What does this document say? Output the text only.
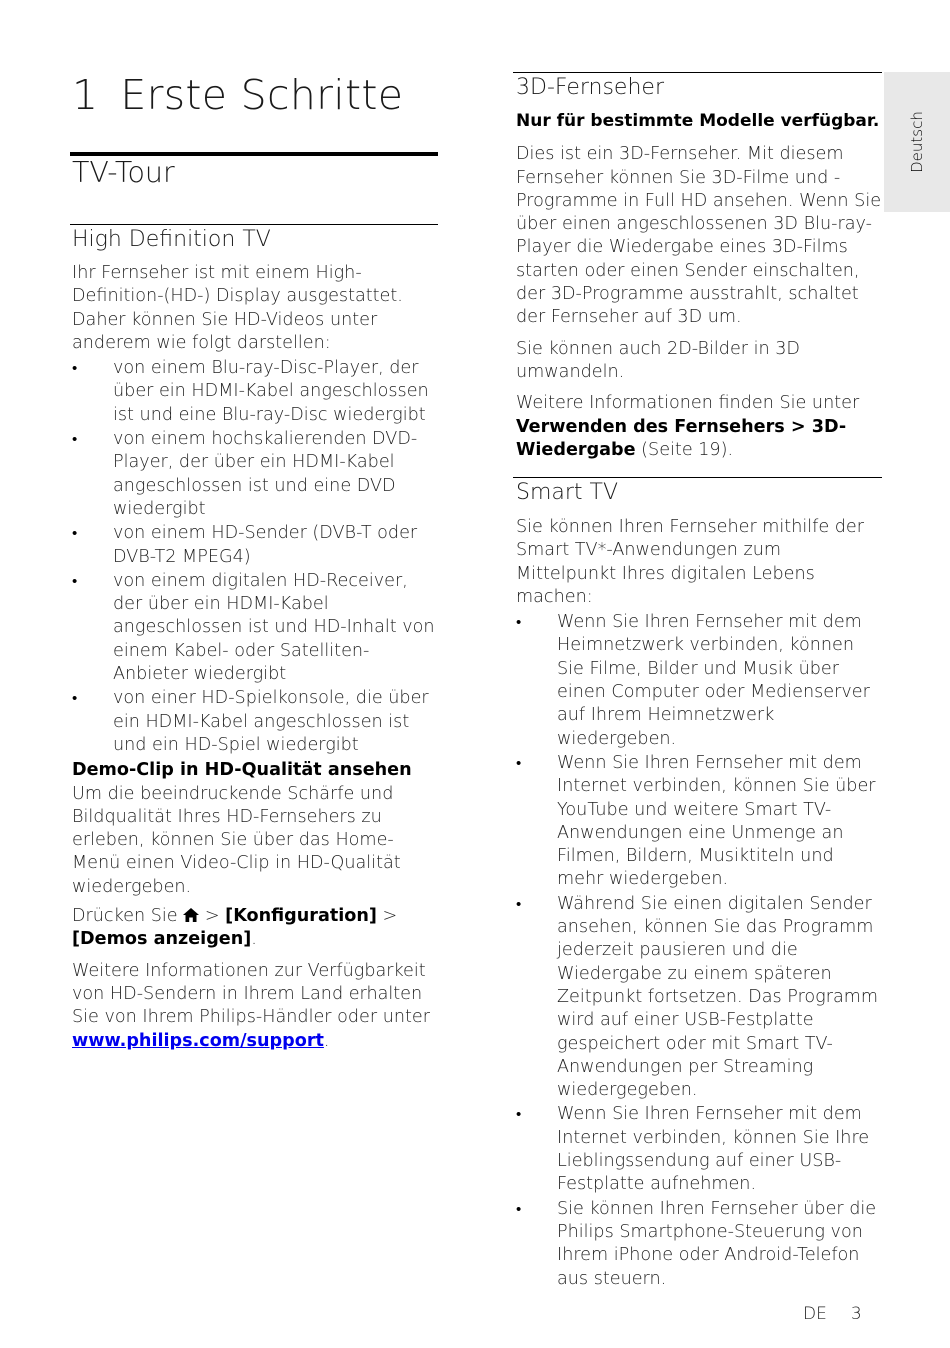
1 Erste Schritte
TV-Tour
High Definition TV

Ihr Fernseher ist mit einem High-Definition-(HD-) Display ausgestattet. Daher können Sie HD-Videos unter anderem wie folgt darstellen:

• von einem Blu-ray-Disc-Player, der über ein HDMI-Kabel angeschlossen ist und eine Blu-ray-Disc wiedergibt
• von einem hochskalierenden DVD-Player, der über ein HDMI-Kabel angeschlossen ist und eine DVD wiedergibt
• von einem HD-Sender (DVB-T oder DVB-T2 MPEG4)
• von einem digitalen HD-Receiver, der über ein HDMI-Kabel angeschlossen ist und HD-Inhalt von einem Kabel- oder Satelliten-Anbieter wiedergibt
• von einer HD-Spielkonsole, die über ein HDMI-Kabel angeschlossen ist und ein HD-Spiel wiedergibt

Demo-Clip in HD-Qualität ansehen

Um die beeindruckende Schärfe und Bildqualität Ihres HD-Fernsehers zu erleben, können Sie über das Home-Menü einen Video-Clip in HD-Qualität wiedergeben.

Drücken Sie > [Konfiguration] > [Demos anzeigen].

Weitere Informationen zur Verfügbarkeit von HD-Sendern in Ihrem Land erhalten Sie von Ihrem Philips-Händler oder unter www.philips.com/support.

3D-Fernseher

Nur für bestimmte Modelle verfügbar.

Dies ist ein 3D-Fernseher. Mit diesem Fernseher können Sie 3D-Filme und -Programme in Full HD ansehen. Wenn Sie über einen angeschlossenen 3D Blu-ray-Player die Wiedergabe eines 3D-Films starten oder einen Sender einschalten, der 3D-Programme ausstrahlt, schaltet der Fernseher auf 3D um.

Sie können auch 2D-Bilder in 3D umwandeln.

Weitere Informationen finden Sie unter Verwenden des Fernsehers > 3D-Wiedergabe (Seite 19).

Smart TV

Sie können Ihren Fernseher mithilfe der Smart TV*-Anwendungen zum Mittelpunkt Ihres digitalen Lebens machen:

• Wenn Sie Ihren Fernseher mit dem Heimnetzwerk verbinden, können Sie Filme, Bilder und Musik über einen Computer oder Medienserver auf Ihrem Heimnetzwerk wiedergeben.
• Wenn Sie Ihren Fernseher mit dem Internet verbinden, können Sie über YouTube und weitere Smart TV-Anwendungen eine Unmenge an Filmen, Bildern, Musiktiteln und mehr wiedergeben.
• Während Sie einen digitalen Sender ansehen, können Sie das Programm jederzeit pausieren und die Wiedergabe zu einem späteren Zeitpunkt fortsetzen. Das Programm wird auf einer USB-Festplatte gespeichert oder mit Smart TV-Anwendungen per Streaming wiedergegeben.
• Wenn Sie Ihren Fernseher mit dem Internet verbinden, können Sie Ihre Lieblingssendung auf einer USB-Festplatte aufnehmen.
• Sie können Ihren Fernseher über die Philips Smartphone-Steuerung von Ihrem iPhone oder Android-Telefon aus steuern.
Deutsch
DE 3
